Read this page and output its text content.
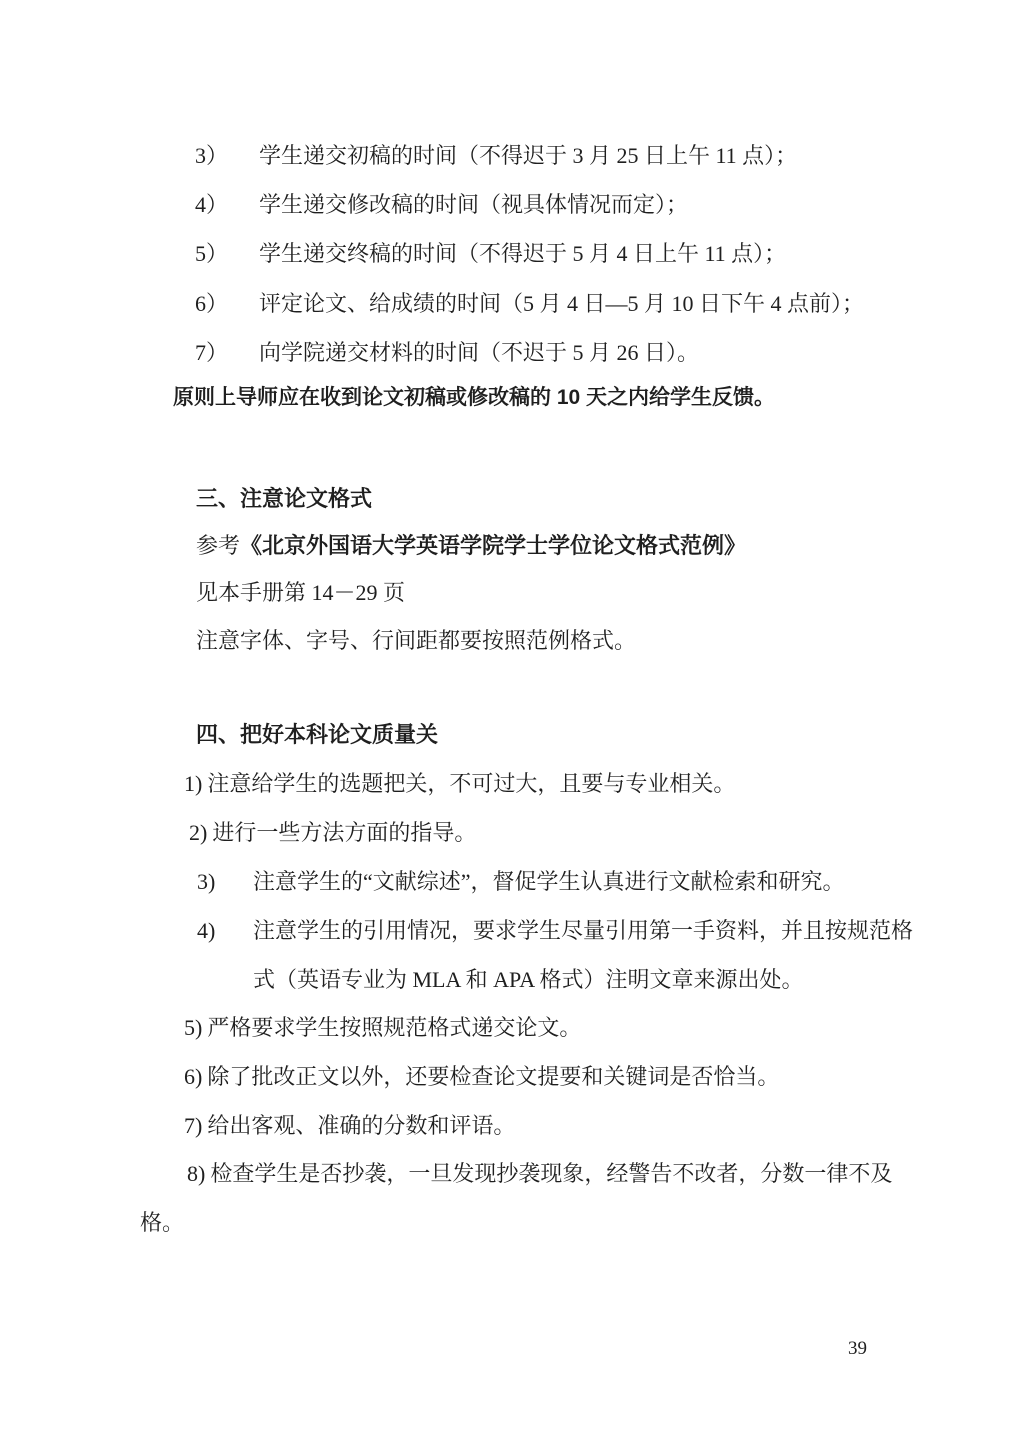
3） 学生递交初稿的时间（不得迟于 3 月 25 日上午 11 点）；
4） 学生递交修改稿的时间（视具体情况而定）；
5） 学生递交终稿的时间（不得迟于 5 月 4 日上午 11 点）；
6） 评定论文、给成绩的时间（5 月 4 日—5 月 10 日下午 4 点前）；
7） 向学院递交材料的时间（不迟于 5 月 26 日）。
原则上导师应在收到论文初稿或修改稿的 10 天之内给学生反馈。
三、注意论文格式
参考《北京外国语大学英语学院学士学位论文格式范例》
见本手册第 14－29 页
注意字体、字号、行间距都要按照范例格式。
四、把好本科论文质量关
1) 注意给学生的选题把关，不可过大，且要与专业相关。
2) 进行一些方法方面的指导。
3) 注意学生的“文献综述”，督促学生认真进行文献检索和研究。
4) 注意学生的引用情况，要求学生尽量引用第一手资料，并且按规范格
式（英语专业为 MLA 和 APA 格式）注明文章来源出处。
5) 严格要求学生按照规范格式递交论文。
6) 除了批改正文以外，还要检查论文提要和关键词是否恰当。
7) 给出客观、准确的分数和评语。
8) 检查学生是否抄袭，一旦发现抄袭现象，经警告不改者，分数一律不及
格。
39
